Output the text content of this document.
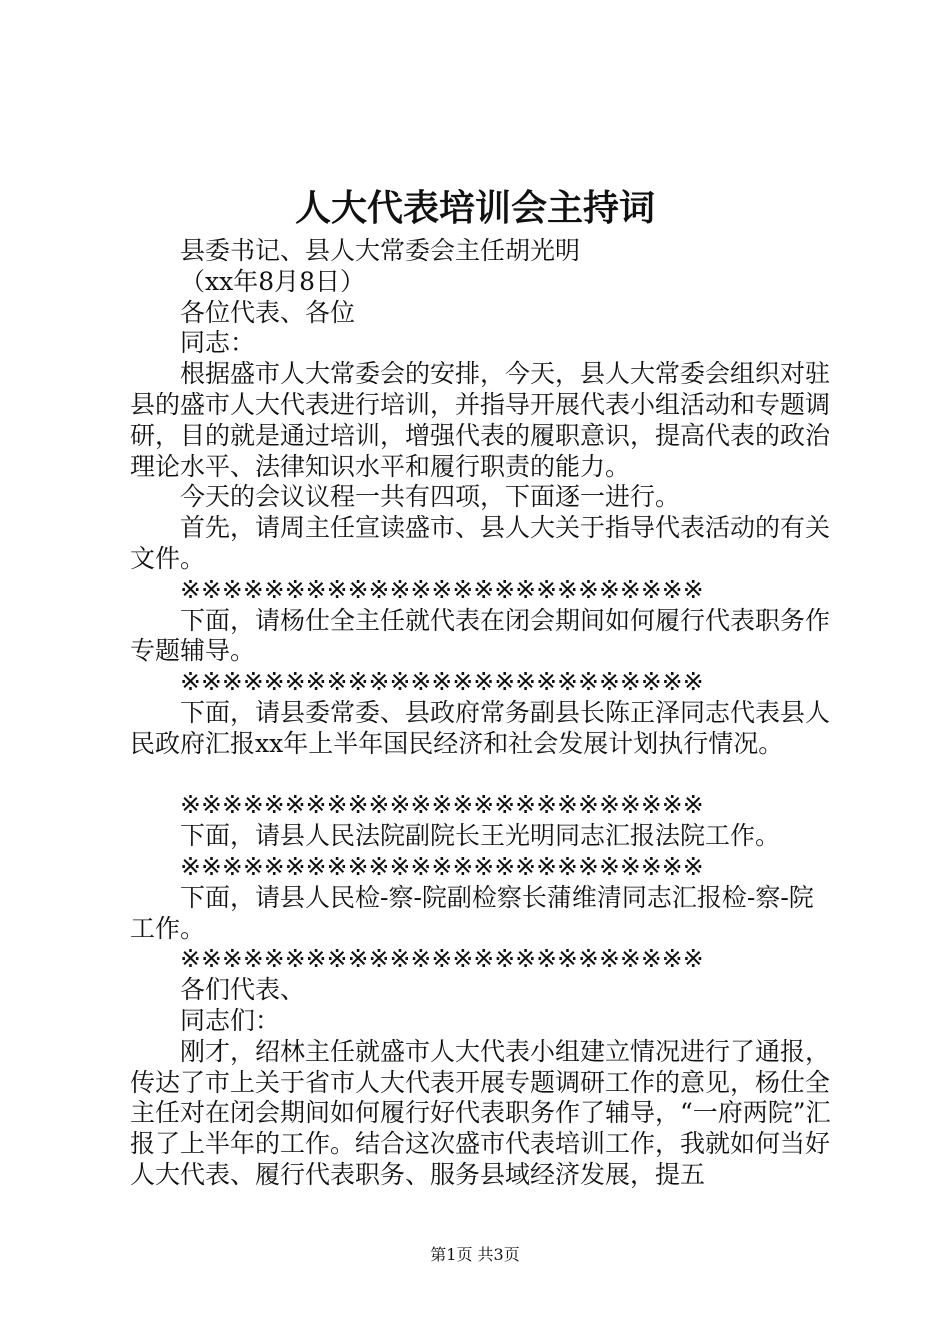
人大代表培训会主持词

县委书记、县人大常委会主任胡光明

（xx年8月8日）

各位代表、各位

同志：

根据盛市人大常委会的安排，今天，县人大常委会组织对驻县的盛市人大代表进行培训，并指导开展代表小组活动和专题调研，目的就是通过培训，增强代表的履职意识，提高代表的政治理论水平、法律知识水平和履行职责的能力。

今天的会议议程一共有四项，下面逐一进行。

首先，请周主任宣读盛市、县人大关于指导代表活动的有关文件。

※※※※※※※※※※※※※※※※※※※※※※※※※

下面，请杨仕全主任就代表在闭会期间如何履行代表职务作专题辅导。

※※※※※※※※※※※※※※※※※※※※※※※※※

下面，请县委常委、县政府常务副县长陈正泽同志代表县人民政府汇报xx年上半年国民经济和社会发展计划执行情况。

※※※※※※※※※※※※※※※※※※※※※※※※※

下面，请县人民法院副院长王光明同志汇报法院工作。

※※※※※※※※※※※※※※※※※※※※※※※※※

下面，请县人民检-察-院副检察长蒲维清同志汇报检-察-院工作。

※※※※※※※※※※※※※※※※※※※※※※※※※

各们代表、

同志们：

刚才，绍林主任就盛市人大代表小组建立情况进行了通报，传达了市上关于省市人大代表开展专题调研工作的意见，杨仕全主任对在闭会期间如何履行好代表职务作了辅导，“一府两院”汇报了上半年的工作。结合这次盛市代表培训工作，我就如何当好人大代表、履行代表职务、服务县域经济发展，提五

第1页 共3页
